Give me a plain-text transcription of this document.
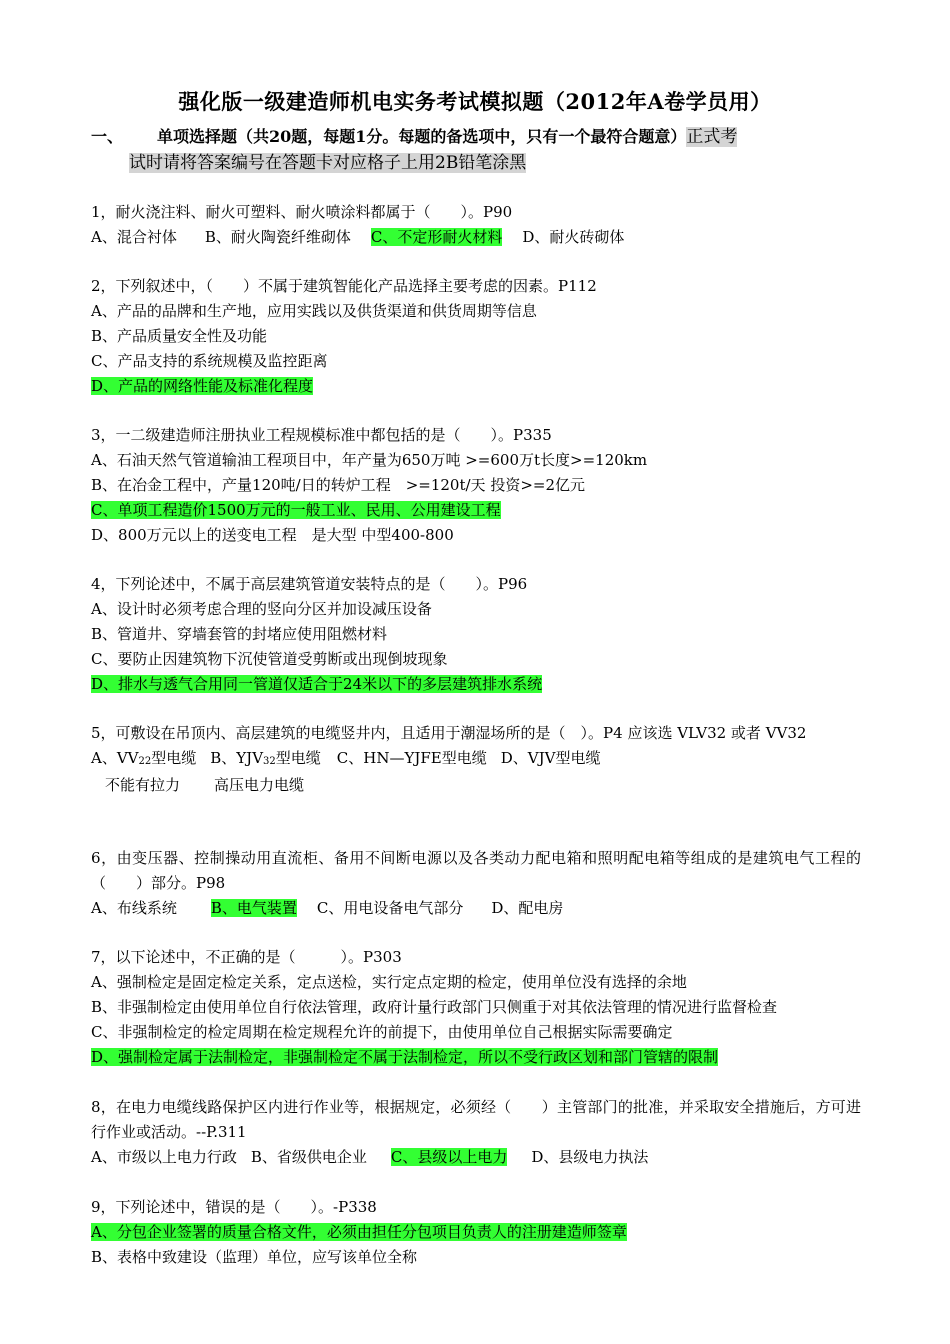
强化版一级建造师机电实务考试模拟题（2012年A卷学员用）
一、 单项选择题（共20题，每题1分。每题的备选项中，只有一个最符合题意）正式考
试时请将答案编号在答题卡对应格子上用2B铅笔涂黑
1，耐火浇注料、耐火可塑料、耐火喷涂料都属于（　　）。P90
A、混合衬体 B、耐火陶瓷纤维砌体 C、不定形耐火材料 D、耐火砖砌体
2，下列叙述中，（　　）不属于建筑智能化产品选择主要考虑的因素。P112
A、产品的品牌和生产地，应用实践以及供货渠道和供货周期等信息
B、产品质量安全性及功能
C、产品支持的系统规模及监控距离
D、产品的网络性能及标准化程度
3，一二级建造师注册执业工程规模标准中都包括的是（　　）。P335
A、石油天然气管道输油工程项目中，年产量为650万吨 >=600万t长度>=120km
B、在冶金工程中，产量120吨/日的转炉工程　>=120t/天 投资>=2亿元
C、单项工程造价1500万元的一般工业、民用、公用建设工程
D、800万元以上的送变电工程　是大型 中型400-800
4，下列论述中，不属于高层建筑管道安装特点的是（　　）。P96
A、设计时必须考虑合理的竖向分区并加设减压设备
B、管道井、穿墙套管的封堵应使用阻燃材料
C、要防止因建筑物下沉使管道受剪断或出现倒坡现象
D、排水与透气合用同一管道仅适合于24米以下的多层建筑排水系统
5，可敷设在吊顶内、高层建筑的电缆竖井内，且适用于潮湿场所的是（　）。P4 应该选 VLV32 或者 VV32
A、$VV_{22}$型电缆 B、$YJV_{32}$型电缆 C、HN—YJFE型电缆 D、VJV型电缆
不能有拉力 高压电力电缆
6，由变压器、控制操动用直流柜、备用不间断电源以及各类动力配电箱和照明配电箱等组成的是建筑电气工程的（　　）部分。P98
A、布线系统 B、电气装置 C、用电设备电气部分 D、配电房
7，以下论述中，不正确的是（　　　）。P303
A、强制检定是固定检定关系，定点送检，实行定点定期的检定，使用单位没有选择的余地
B、非强制检定由使用单位自行依法管理，政府计量行政部门只侧重于对其依法管理的情况进行监督检查
C、非强制检定的检定周期在检定规程允许的前提下，由使用单位自己根据实际需要确定
D、强制检定属于法制检定，非强制检定不属于法制检定，所以不受行政区划和部门管辖的限制
8，在电力电缆线路保护区内进行作业等，根据规定，必须经（　　）主管部门的批准，并采取安全措施后，方可进行作业或活动。--P.311
A、市级以上电力行政 B、省级供电企业 C、县级以上电力 D、县级电力执法
9，下列论述中，错误的是（　　）。-P338
A、分包企业签署的质量合格文件，必须由担任分包项目负责人的注册建造师签章
B、表格中致建设（监理）单位，应写该单位全称
